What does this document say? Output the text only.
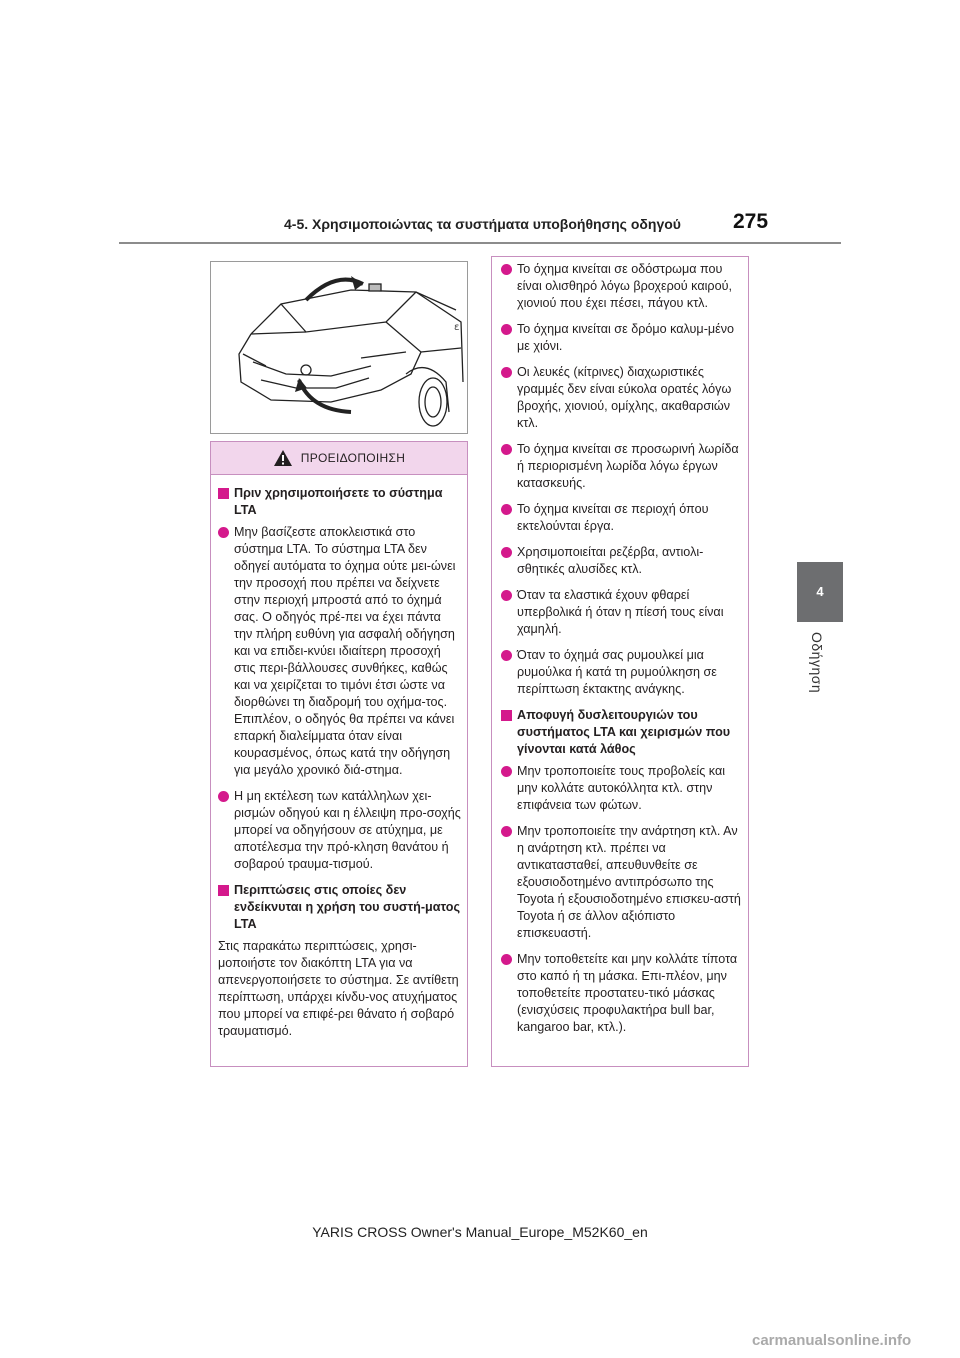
4-5. Χρησιμοποιώντας τα συστήματα υποβοήθησης οδηγού 275
4
Οδήγηση
ε
ΠΡΟΕΙΔΟΠΟΙΗΣΗ
Πριν χρησιμοποιήσετε το σύστημα LTA
Μην βασίζεστε αποκλειστικά στο σύστημα LTA. Το σύστημα LTA δεν οδηγεί αυτόματα το όχημα ούτε μει-ώνει την προσοχή που πρέπει να δείχνετε στην περιοχή μπροστά από το όχημά σας. Ο οδηγός πρέ-πει να έχει πάντα την πλήρη ευθύνη για ασφαλή οδήγηση και να επιδει-κνύει ιδιαίτερη προσοχή στις περι-βάλλουσες συνθήκες, καθώς και να χειρίζεται το τιμόνι έτσι ώστε να διορθώνει τη διαδρομή του οχήμα-τος. Επιπλέον, ο οδηγός θα πρέπει να κάνει επαρκή διαλείμματα όταν είναι κουρασμένος, όπως κατά την οδήγηση για μεγάλο χρονικό διά-στημα.
Η μη εκτέλεση των κατάλληλων χει-ρισμών οδηγού και η έλλειψη προ-σοχής μπορεί να οδηγήσουν σε ατύχημα, με αποτέλεσμα την πρό-κληση θανάτου ή σοβαρού τραυμα-τισμού.
Περιπτώσεις στις οποίες δεν ενδείκνυται η χρήση του συστή-ματος LTA
Στις παρακάτω περιπτώσεις, χρησι-μοποιήστε τον διακόπτη LTA για να απενεργοποιήσετε το σύστημα. Σε αντίθετη περίπτωση, υπάρχει κίνδυ-νος ατυχήματος που μπορεί να επιφέ-ρει θάνατο ή σοβαρό τραυματισμό.
Το όχημα κινείται σε οδόστρωμα που είναι ολισθηρό λόγω βροχερού καιρού, χιονιού που έχει πέσει, πάγου κτλ.
Το όχημα κινείται σε δρόμο καλυμ-μένο με χιόνι.
Οι λευκές (κίτρινες) διαχωριστικές γραμμές δεν είναι εύκολα ορατές λόγω βροχής, χιονιού, ομίχλης, ακαθαρσιών κτλ.
Το όχημα κινείται σε προσωρινή λωρίδα ή περιορισμένη λωρίδα λόγω έργων κατασκευής.
Το όχημα κινείται σε περιοχή όπου εκτελούνται έργα.
Χρησιμοποιείται ρεζέρβα, αντιολι-σθητικές αλυσίδες κτλ.
Όταν τα ελαστικά έχουν φθαρεί υπερβολικά ή όταν η πίεσή τους είναι χαμηλή.
Όταν το όχημά σας ρυμουλκεί μια ρυμούλκα ή κατά τη ρυμούλκηση σε περίπτωση έκτακτης ανάγκης.
Αποφυγή δυσλειτουργιών του συστήματος LTA και χειρισμών που γίνονται κατά λάθος
Μην τροποποιείτε τους προβολείς και μην κολλάτε αυτοκόλλητα κτλ. στην επιφάνεια των φώτων.
Μην τροποποιείτε την ανάρτηση κτλ. Αν η ανάρτηση κτλ. πρέπει να αντικατασταθεί, απευθυνθείτε σε εξουσιοδοτημένο αντιπρόσωπο της Toyota ή εξουσιοδοτημένο επισκευ-αστή Toyota ή σε άλλον αξιόπιστο επισκευαστή.
Μην τοποθετείτε και μην κολλάτε τίποτα στο καπό ή τη μάσκα. Επι-πλέον, μην τοποθετείτε προστατευ-τικό μάσκας (ενισχύσεις προφυλακτήρα bull bar, kangaroo bar, κτλ.).
YARIS CROSS Owner's Manual_Europe_M52K60_en
carmanualsonline.info
